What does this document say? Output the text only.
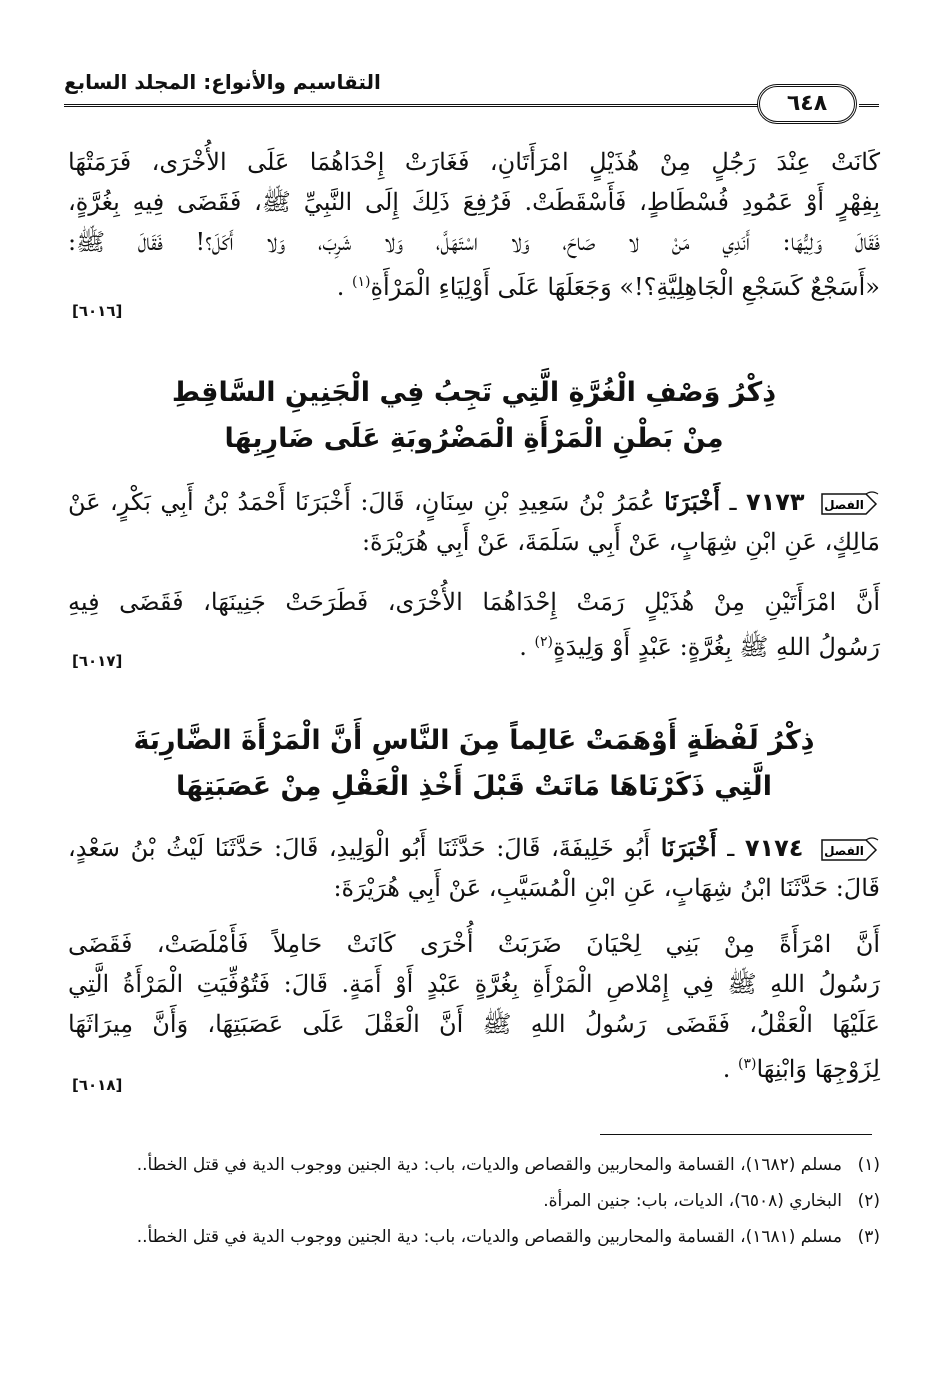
التقاسيم والأنواع: المجلد السابع
٦٤٨
كَانَتْ عِنْدَ رَجُلٍ مِنْ هُذَيْلٍ امْرَأَتَانِ، فَغَارَتْ إِحْدَاهُمَا عَلَى الأُخْرَى، فَرَمَتْهَا
بِفِهْرٍ أَوْ عَمُودِ فُسْطَاطٍ، فَأَسْقَطَتْ. فَرُفِعَ ذَلِكَ إِلَى النَّبِيِّ ﷺ، فَقَضَى فِيهِ بِغُرَّةٍ،
فَقَالَ وَلِيُّهَا: أَنَدِي مَنْ لا صَاحَ، وَلا اسْتَهَلَّ، وَلا شَرِبَ، وَلا أَكَلَ؟! فَقَالَ ﷺ:
«أَسَجْعٌ كَسَجْعِ الْجَاهِلِيَّةِ؟!» وَجَعَلَهَا عَلَى أَوْلِيَاءِ الْمَرْأَةِ$^{(١)}$ .
[٦٠١٦]
ذِكْرُ وَصْفِ الْغُرَّةِ الَّتِي تَجِبُ فِي الْجَنِينِ السَّاقِطِ
مِنْ بَطْنِ الْمَرْأَةِ الْمَضْرُوبَةِ عَلَى ضَارِبِهَا
الفصل
٧١٧٣ ـ أَخْبَرَنَا عُمَرُ بْنُ سَعِيدِ بْنِ سِنَانٍ، قَالَ: أَخْبَرَنَا أَحْمَدُ بْنُ أَبِي بَكْرٍ، عَنْ
مَالِكٍ، عَنِ ابْنِ شِهَابٍ، عَنْ أَبِي سَلَمَةَ، عَنْ أَبِي هُرَيْرَةَ:
أَنَّ امْرَأَتَيْنِ مِنْ هُذَيْلٍ رَمَتْ إِحْدَاهُمَا الأُخْرَى، فَطَرَحَتْ جَنِينَهَا، فَقَضَى فِيهِ
رَسُولُ اللهِ ﷺ بِغُرَّةٍ: عَبْدٍ أَوْ وَلِيدَةٍ$^{(٢)}$ .
[٦٠١٧]
ذِكْرُ لَفْظَةٍ أَوْهَمَتْ عَالِماً مِنَ النَّاسِ أَنَّ الْمَرْأَةَ الضَّارِبَةَ
الَّتِي ذَكَرْنَاهَا مَاتَتْ قَبْلَ أَخْذِ الْعَقْلِ مِنْ عَصَبَتِهَا
الفصل
٧١٧٤ ـ أَخْبَرَنَا أَبُو خَلِيفَةَ، قَالَ: حَدَّثَنَا أَبُو الْوَلِيدِ، قَالَ: حَدَّثَنَا لَيْثُ بْنُ سَعْدٍ،
قَالَ: حَدَّثَنَا ابْنُ شِهَابٍ، عَنِ ابْنِ الْمُسَيَّبِ، عَنْ أَبِي هُرَيْرَةَ:
أَنَّ امْرَأَةً مِنْ بَنِي لِحْيَانَ ضَرَبَتْ أُخْرَى كَانَتْ حَامِلاً فَأَمْلَصَتْ، فَقَضَى
رَسُولُ اللهِ ﷺ فِي إِمْلاصِ الْمَرْأَةِ بِغُرَّةٍ عَبْدٍ أَوْ أَمَةٍ. قَالَ: فَتُوُفِّيَتِ الْمَرْأَةُ الَّتِي
عَلَيْهَا الْعَقْلُ، فَقَضَى رَسُولُ اللهِ ﷺ أَنَّ الْعَقْلَ عَلَى عَصَبَتِهَا، وَأَنَّ مِيرَاثَهَا
لِزَوْجِهَا وَابْنِهَا$^{(٣)}$ .
[٦٠١٨]
(١)
مسلم (١٦٨٢)، القسامة والمحاربين والقصاص والديات، باب: دية الجنين ووجوب الدية في قتل الخطأ..
(٢)
البخاري (٦٥٠٨)، الديات، باب: جنين المرأة.
(٣)
مسلم (١٦٨١)، القسامة والمحاربين والقصاص والديات، باب: دية الجنين ووجوب الدية في قتل الخطأ..
